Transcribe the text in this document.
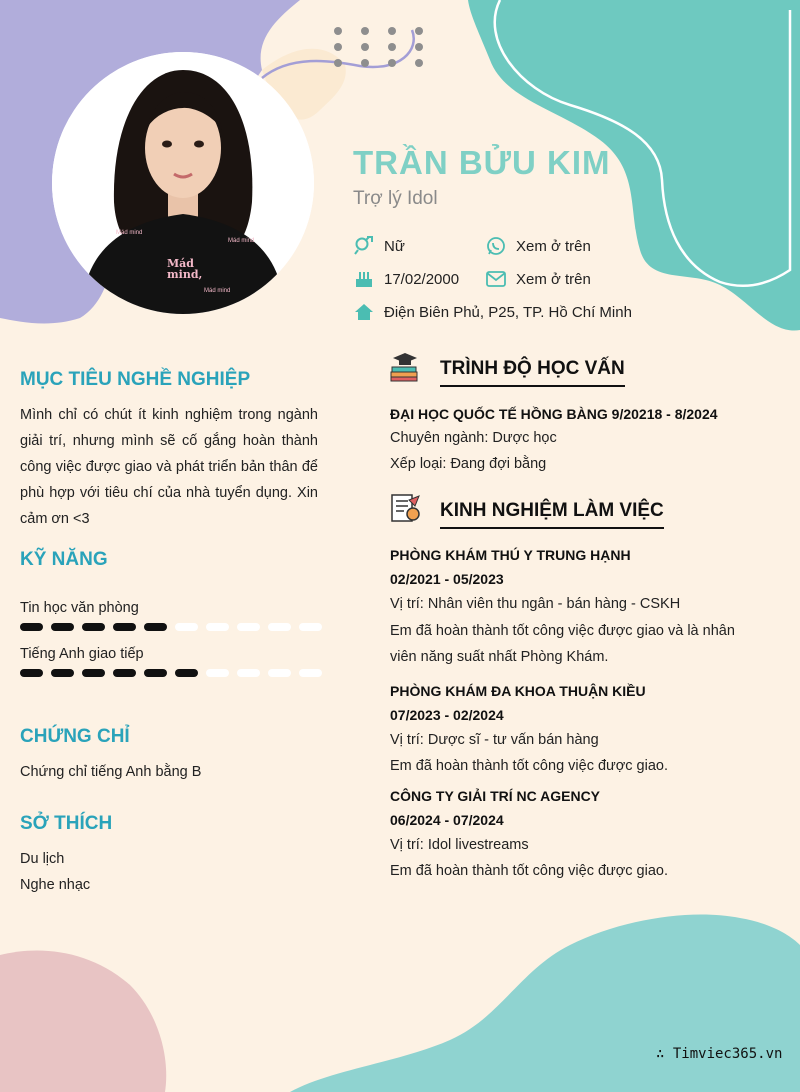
Mád
mind,
Mád mind
Mád mind
Mád mind
TRẦN BỬU KIM
Trợ lý Idol
Nữ	Xem ở trên
17/02/2000	Xem ở trên
Điện Biên Phủ, P25, TP. Hồ Chí Minh
MỤC TIÊU NGHỀ NGHIỆP
Mình chỉ có chút ít kinh nghiệm trong ngành giải trí, nhưng mình sẽ cố gắng hoàn thành công việc được giao và phát triển bản thân để phù hợp với tiêu chí của nhà tuyển dụng. Xin cảm ơn <3
KỸ NĂNG
Tin học văn phòng
Tiếng Anh giao tiếp
CHỨNG CHỈ
Chứng chỉ tiếng Anh bằng B
SỞ THÍCH
Du lịch
Nghe nhạc
TRÌNH ĐỘ HỌC VẤN
ĐẠI HỌC QUỐC TẾ HỒNG BÀNG 9/20218 - 8/2024
Chuyên ngành: Dược học
Xếp loại: Đang đợi bằng
KINH NGHIỆM LÀM VIỆC
PHÒNG KHÁM THÚ Y TRUNG HẠNH
02/2021 - 05/2023
Vị trí: Nhân viên thu ngân - bán hàng - CSKH
Em đã hoàn thành tốt công việc được giao và là nhân viên năng suất nhất Phòng Khám.
PHÒNG KHÁM ĐA KHOA THUẬN KIỀU
07/2023 - 02/2024
Vị trí: Dược sĩ - tư vấn bán hàng
Em đã hoàn thành tốt công việc được giao.
CÔNG TY GIẢI TRÍ NC AGENCY
06/2024 - 07/2024
Vị trí: Idol livestreams
Em đã hoàn thành tốt công việc được giao.
∴ Timviec365.vn
